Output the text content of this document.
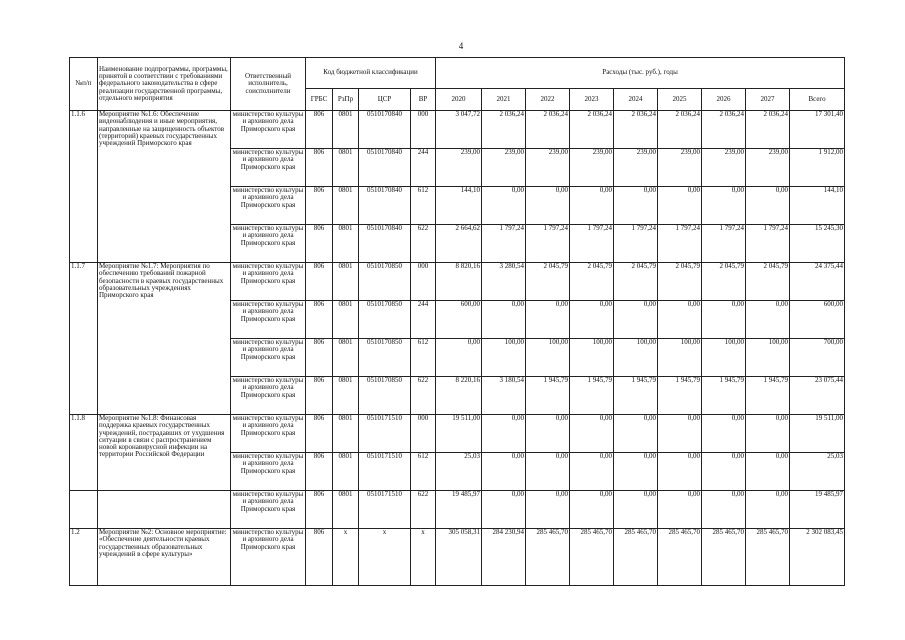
4
№п/п	Наименование подпрограммы, программы, принятой в соответствии с требованиями федерального законодательства в сфере реализации государственной программы, отдельного мероприятия	Ответственный исполнитель, соисполнители	Код бюджетной классификации				Расходы (тыс. руб.), годы								
			ГРБС	РзПр	ЦСР	ВР	2020	2021	2022	2023	2024	2025	2026	2027	Всего
1.1.6	Мероприятие №1.6: Обеспечение видеонаблюдения и иные мероприятия, направленные на защищенность объектов (территорий) краевых государственных учреждений Приморского края	министерство культуры и архивного дела Приморского края	806	0801	0510170840	000	3 047,72	2 036,24	2 036,24	2 036,24	2 036,24	2 036,24	2 036,24	2 036,24	17 301,40
		министерство культуры и архивного дела Приморского края	806	0801	0510170840	244	239,00	239,00	239,00	239,00	239,00	239,00	239,00	239,00	1 912,00
		министерство культуры и архивного дела Приморского края	806	0801	0510170840	612	144,10	0,00	0,00	0,00	0,00	0,00	0,00	0,00	144,10
		министерство культуры и архивного дела Приморского края	806	0801	0510170840	622	2 664,62	1 797,24	1 797,24	1 797,24	1 797,24	1 797,24	1 797,24	1 797,24	15 245,30
1.1.7	Мероприятие №1.7: Мероприятия по обеспечению требований пожарной безопасности в краевых государственных образовательных учреждениях Приморского края	министерство культуры и архивного дела Приморского края	806	0801	0510170850	000	8 820,16	3 280,54	2 045,79	2 045,79	2 045,79	2 045,79	2 045,79	2 045,79	24 375,44
		министерство культуры и архивного дела Приморского края	806	0801	0510170850	244	600,00	0,00	0,00	0,00	0,00	0,00	0,00	0,00	600,00
		министерство культуры и архивного дела Приморского края	806	0801	0510170850	612	0,00	100,00	100,00	100,00	100,00	100,00	100,00	100,00	700,00
		министерство культуры и архивного дела Приморского края	806	0801	0510170850	622	8 220,16	3 180,54	1 945,79	1 945,79	1 945,79	1 945,79	1 945,79	1 945,79	23 075,44
1.1.8	Мероприятие №1.8: Финансовая поддержка краевых государственных учреждений, пострадавших от ухудшения ситуации в связи с распространением новой коронавирусной инфекции на территории Российской Федерации	министерство культуры и архивного дела Приморского края	806	0801	0510171510	000	19 511,00	0,00	0,00	0,00	0,00	0,00	0,00	0,00	19 511,00
		министерство культуры и архивного дела Приморского края	806	0801	0510171510	612	25,03	0,00	0,00	0,00	0,00	0,00	0,00	0,00	25,03
		министерство культуры и архивного дела Приморского края	806	0801	0510171510	622	19 485,97	0,00	0,00	0,00	0,00	0,00	0,00	0,00	19 485,97
1.2	Мероприятие №2: Основное мероприятие: «Обеспечение деятельности краевых государственных образовательных учреждений в сфере культуры»	министерство культуры и архивного дела Приморского края	806	x	x	x	305 058,31	284 230,94	285 465,70	285 465,70	285 465,70	285 465,70	285 465,70	285 465,70	2 302 083,45
